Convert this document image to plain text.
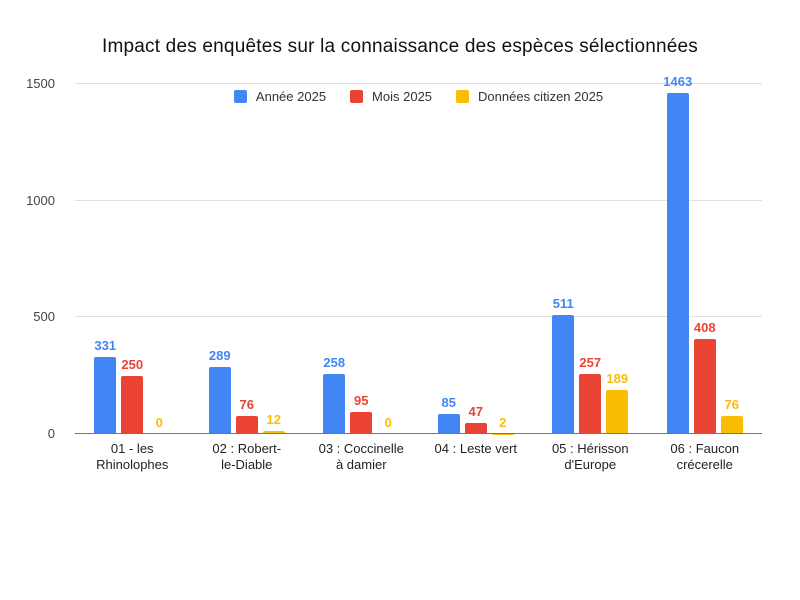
Impact des enquêtes sur la connaissance des espèces sélectionnées
0
500
1000
1500
331
250
0
289
76
12
258
95
0
85
47
2
511
257
189
1463
408
76
Année 2025	Mois 2025	Données citizen 2025
01 - les
Rhinolophes
02 : Robert-
le-Diable
03 : Coccinelle
à damier
04 : Leste vert	05 : Hérisson
d'Europe
06 : Faucon
crécerelle
